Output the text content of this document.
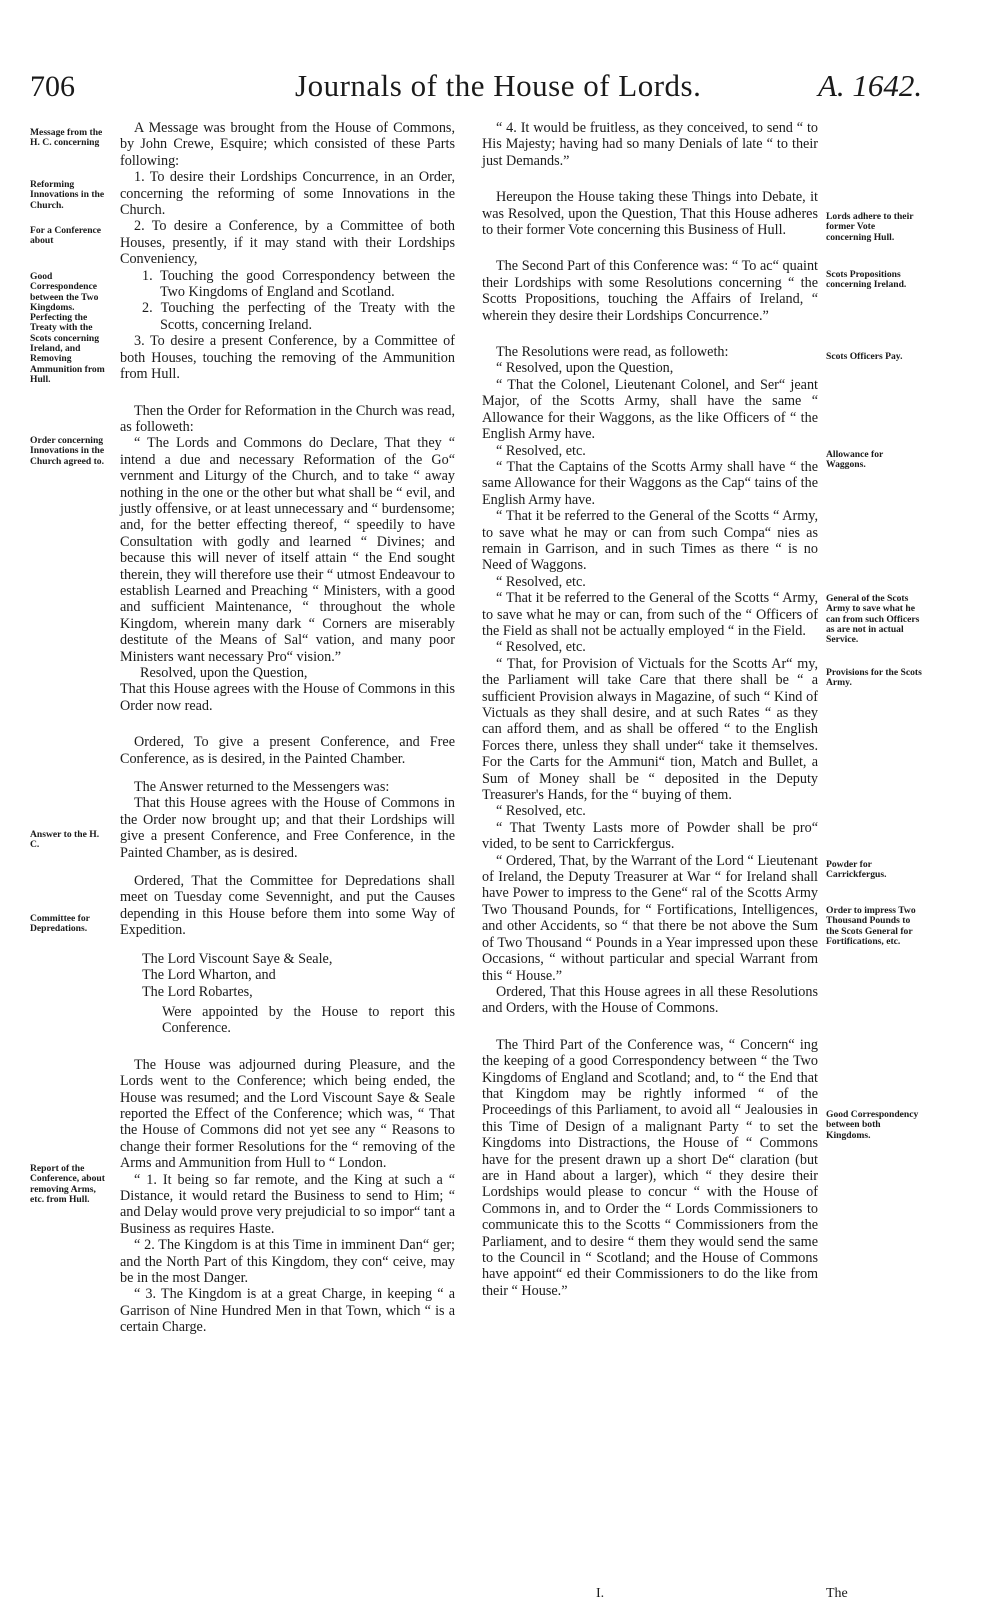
706	Journals of the House of Lords.	A. 1642.
Message from the H. C. concerning
Reforming Innovations in the Church.
For a Conference about
Good Correspondence between the Two Kingdoms. Perfecting the Treaty with the Scots concerning Ireland, and Removing Ammunition from Hull.
Order concerning Innovations in the Church agreed to.
Answer to the H. C.
Committee for Depredations.
Report of the Conference, about removing Arms, etc. from Hull.

A Message was brought from the House of Commons, by John Crewe, Esquire; which consisted of these Parts following:

1. To desire their Lordships Concurrence, in an Order, concerning the reforming of some Innovations in the Church.

2. To desire a Conference, by a Committee of both Houses, presently, if it may stand with their Lordships Conveniency,

1. Touching the good Correspondency between the Two Kingdoms of England and Scotland.

2. Touching the perfecting of the Treaty with the Scotts, concerning Ireland.

3. To desire a present Conference, by a Committee of both Houses, touching the removing of the Ammunition from Hull.

Then the Order for Reformation in the Church was read, as followeth:

“ The Lords and Commons do Declare, That they “ intend a due and necessary Reformation of the Go“ vernment and Liturgy of the Church, and to take “ away nothing in the one or the other but what shall be “ evil, and justly offensive, or at least unnecessary and “ burdensome; and, for the better effecting thereof, “ speedily to have Consultation with godly and learned “ Divines; and because this will never of itself attain “ the End sought therein, they will therefore use their “ utmost Endeavour to establish Learned and Preaching “ Ministers, with a good and sufficient Maintenance, “ throughout the whole Kingdom, wherein many dark “ Corners are miserably destitute of the Means of Sal“ vation, and many poor Ministers want necessary Pro“ vision.”

Resolved, upon the Question,

That this House agrees with the House of Commons in this Order now read.

Ordered, To give a present Conference, and Free Conference, as is desired, in the Painted Chamber.

The Answer returned to the Messengers was:

That this House agrees with the House of Commons in the Order now brought up; and that their Lordships will give a present Conference, and Free Conference, in the Painted Chamber, as is desired.

Ordered, That the Committee for Depredations shall meet on Tuesday come Sevennight, and put the Causes depending in this House before them into some Way of Expedition.

The Lord Viscount Saye & Seale,

The Lord Wharton, and

The Lord Robartes,

Were appointed by the House to report this Conference.

The House was adjourned during Pleasure, and the Lords went to the Conference; which being ended, the House was resumed; and the Lord Viscount Saye & Seale reported the Effect of the Conference; which was, “ That the House of Commons did not yet see any “ Reasons to change their former Resolutions for the “ removing of the Arms and Ammunition from Hull to “ London.

“ 1. It being so far remote, and the King at such a “ Distance, it would retard the Business to send to Him; “ and Delay would prove very prejudicial to so impor“ tant a Business as requires Haste.

“ 2. The Kingdom is at this Time in imminent Dan“ ger; and the North Part of this Kingdom, they con“ ceive, may be in the most Danger.

“ 3. The Kingdom is at a great Charge, in keeping “ a Garrison of Nine Hundred Men in that Town, which “ is a certain Charge.

“ 4. It would be fruitless, as they conceived, to send “ to His Majesty; having had so many Denials of late “ to their just Demands.”

Hereupon the House taking these Things into Debate, it was Resolved, upon the Question, That this House adheres to their former Vote concerning this Business of Hull.

The Second Part of this Conference was: “ To ac“ quaint their Lordships with some Resolutions concerning “ the Scotts Propositions, touching the Affairs of Ireland, “ wherein they desire their Lordships Concurrence.”

The Resolutions were read, as followeth:

“ Resolved, upon the Question,

“ That the Colonel, Lieutenant Colonel, and Ser“ jeant Major, of the Scotts Army, shall have the same “ Allowance for their Waggons, as the like Officers of “ the English Army have.

“ Resolved, etc.

“ That the Captains of the Scotts Army shall have “ the same Allowance for their Waggons as the Cap“ tains of the English Army have.

“ That it be referred to the General of the Scotts “ Army, to save what he may or can from such Compa“ nies as remain in Garrison, and in such Times as there “ is no Need of Waggons.

“ Resolved, etc.

“ That it be referred to the General of the Scotts “ Army, to save what he may or can, from such of the “ Officers of the Field as shall not be actually employed “ in the Field.

“ Resolved, etc.

“ That, for Provision of Victuals for the Scotts Ar“ my, the Parliament will take Care that there shall be “ a sufficient Provision always in Magazine, of such “ Kind of Victuals as they shall desire, and at such Rates “ as they can afford them, and as shall be offered “ to the English Forces there, unless they shall under“ take it themselves. For the Carts for the Ammuni“ tion, Match and Bullet, a Sum of Money shall be “ deposited in the Deputy Treasurer's Hands, for the “ buying of them.

“ Resolved, etc.

“ That Twenty Lasts more of Powder shall be pro“ vided, to be sent to Carrickfergus.

“ Ordered, That, by the Warrant of the Lord “ Lieutenant of Ireland, the Deputy Treasurer at War “ for Ireland shall have Power to impress to the Gene“ ral of the Scotts Army Two Thousand Pounds, for “ Fortifications, Intelligences, and other Accidents, so “ that there be not above the Sum of Two Thousand “ Pounds in a Year impressed upon these Occasions, “ without particular and special Warrant from this “ House.”

Ordered, That this House agrees in all these Resolutions and Orders, with the House of Commons.

The Third Part of the Conference was, “ Concern“ ing the keeping of a good Correspondency between “ the Two Kingdoms of England and Scotland; and, to “ the End that that Kingdom may be rightly informed “ of the Proceedings of this Parliament, to avoid all “ Jealousies in this Time of Design of a malignant Party “ to set the Kingdoms into Distractions, the House of “ Commons have for the present drawn up a short De“ claration (but are in Hand about a larger), which “ they desire their Lordships would please to concur “ with the House of Commons in, and to Order the “ Lords Commissioners to communicate this to the Scotts “ Commissioners from the Parliament, and to desire “ them they would send the same to the Council in “ Scotland; and the House of Commons have appoint“ ed their Commissioners to do the like from their “ House.”

Lords adhere to their former Vote concerning Hull.
Scots Propositions concerning Ireland.
Scots Officers Pay.
Allowance for Waggons.
General of the Scots Army to save what he can from such Officers as are not in actual Service.
Provisions for the Scots Army.
Powder for Carrickfergus.
Order to impress Two Thousand Pounds to the Scots General for Fortifications, etc.
Good Correspondency between both Kingdoms.
I.	The
